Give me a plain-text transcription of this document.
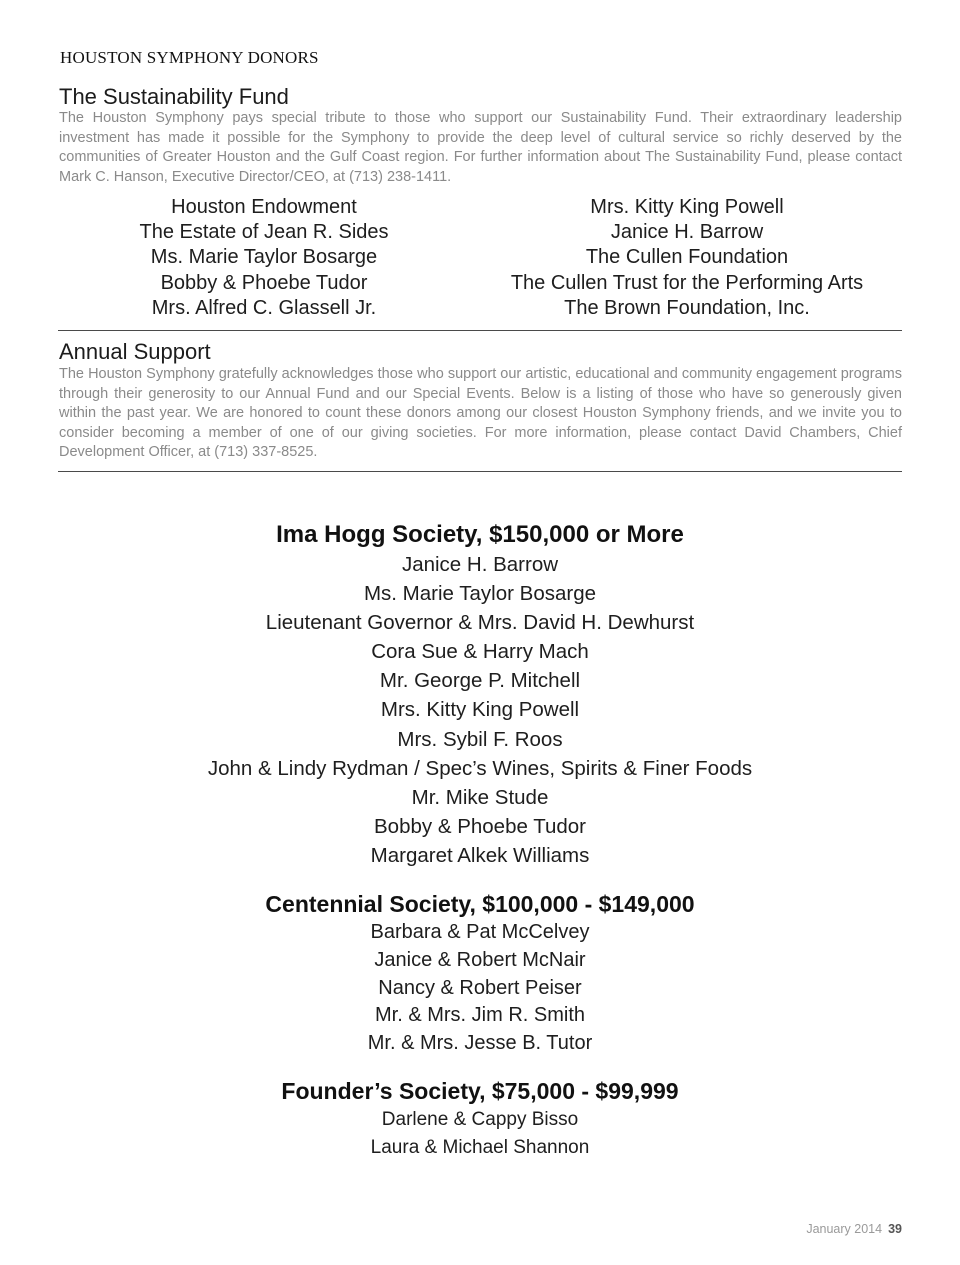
HOUSTON SYMPHONY DONORS
The Sustainability Fund

The Houston Symphony pays special tribute to those who support our Sustainability Fund. Their extraordinary leadership investment has made it possible for the Symphony to provide the deep level of cultural service so richly deserved by the communities of Greater Houston and the Gulf Coast region. For further information about The Sustainability Fund, please contact Mark C. Hanson, Executive Director/CEO, at (713) 238-1411.

Houston Endowment
The Estate of Jean R. Sides
Ms. Marie Taylor Bosarge
Bobby & Phoebe Tudor
Mrs. Alfred C. Glassell Jr.
Mrs. Kitty King Powell
Janice H. Barrow
The Cullen Foundation
The Cullen Trust for the Performing Arts
The Brown Foundation, Inc.
Annual Support

The Houston Symphony gratefully acknowledges those who support our artistic, educational and community engagement programs through their generosity to our Annual Fund and our Special Events. Below is a listing of those who have so generously given within the past year. We are honored to count these donors among our closest Houston Symphony friends, and we invite you to consider becoming a member of one of our giving societies. For more information, please contact David Chambers, Chief Development Officer, at (713) 337-8525.

Ima Hogg Society, $150,000 or More
Janice H. Barrow
Ms. Marie Taylor Bosarge
Lieutenant Governor & Mrs. David H. Dewhurst
Cora Sue & Harry Mach
Mr. George P. Mitchell
Mrs. Kitty King Powell
Mrs. Sybil F. Roos
John & Lindy Rydman / Spec’s Wines, Spirits & Finer Foods
Mr. Mike Stude
Bobby & Phoebe Tudor
Margaret Alkek Williams
Centennial Society, $100,000 - $149,000
Barbara & Pat McCelvey
Janice & Robert McNair
Nancy & Robert Peiser
Mr. & Mrs. Jim R. Smith
Mr. & Mrs. Jesse B. Tutor
Founder’s Society, $75,000 - $99,999
Darlene & Cappy Bisso
Laura & Michael Shannon
January 2014 39
